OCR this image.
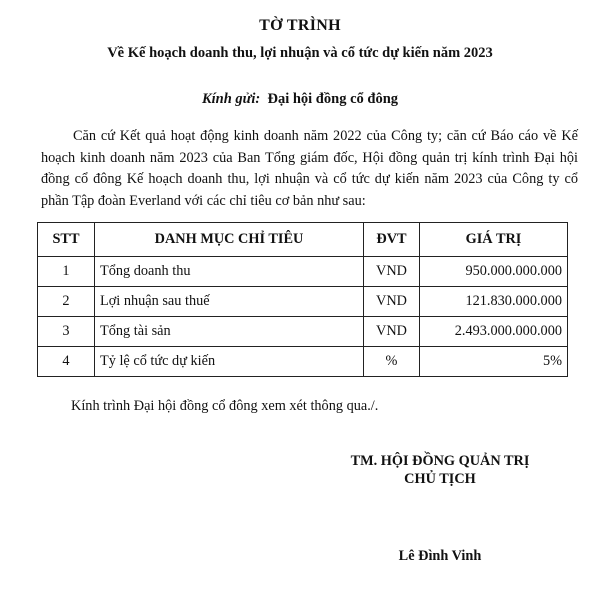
TỜ TRÌNH
Về Kế hoạch doanh thu, lợi nhuận và cổ tức dự kiến năm 2023
Kính gửi: Đại hội đồng cổ đông
Căn cứ Kết quả hoạt động kinh doanh năm 2022 của Công ty; căn cứ Báo cáo về Kế hoạch kinh doanh năm 2023 của Ban Tổng giám đốc, Hội đồng quản trị kính trình Đại hội đồng cổ đông Kế hoạch doanh thu, lợi nhuận và cổ tức dự kiến năm 2023 của Công ty cổ phần Tập đoàn Everland với các chỉ tiêu cơ bản như sau:
STT	DANH MỤC CHỈ TIÊU	ĐVT	GIÁ TRỊ
1	Tổng doanh thu	VND	950.000.000.000
2	Lợi nhuận sau thuế	VND	121.830.000.000
3	Tổng tài sản	VND	2.493.000.000.000
4	Tỷ lệ cổ tức dự kiến	%	5%
Kính trình Đại hội đồng cổ đông xem xét thông qua./.
TM. HỘI ĐỒNG QUẢN TRỊ
CHỦ TỊCH
Lê Đình Vinh
